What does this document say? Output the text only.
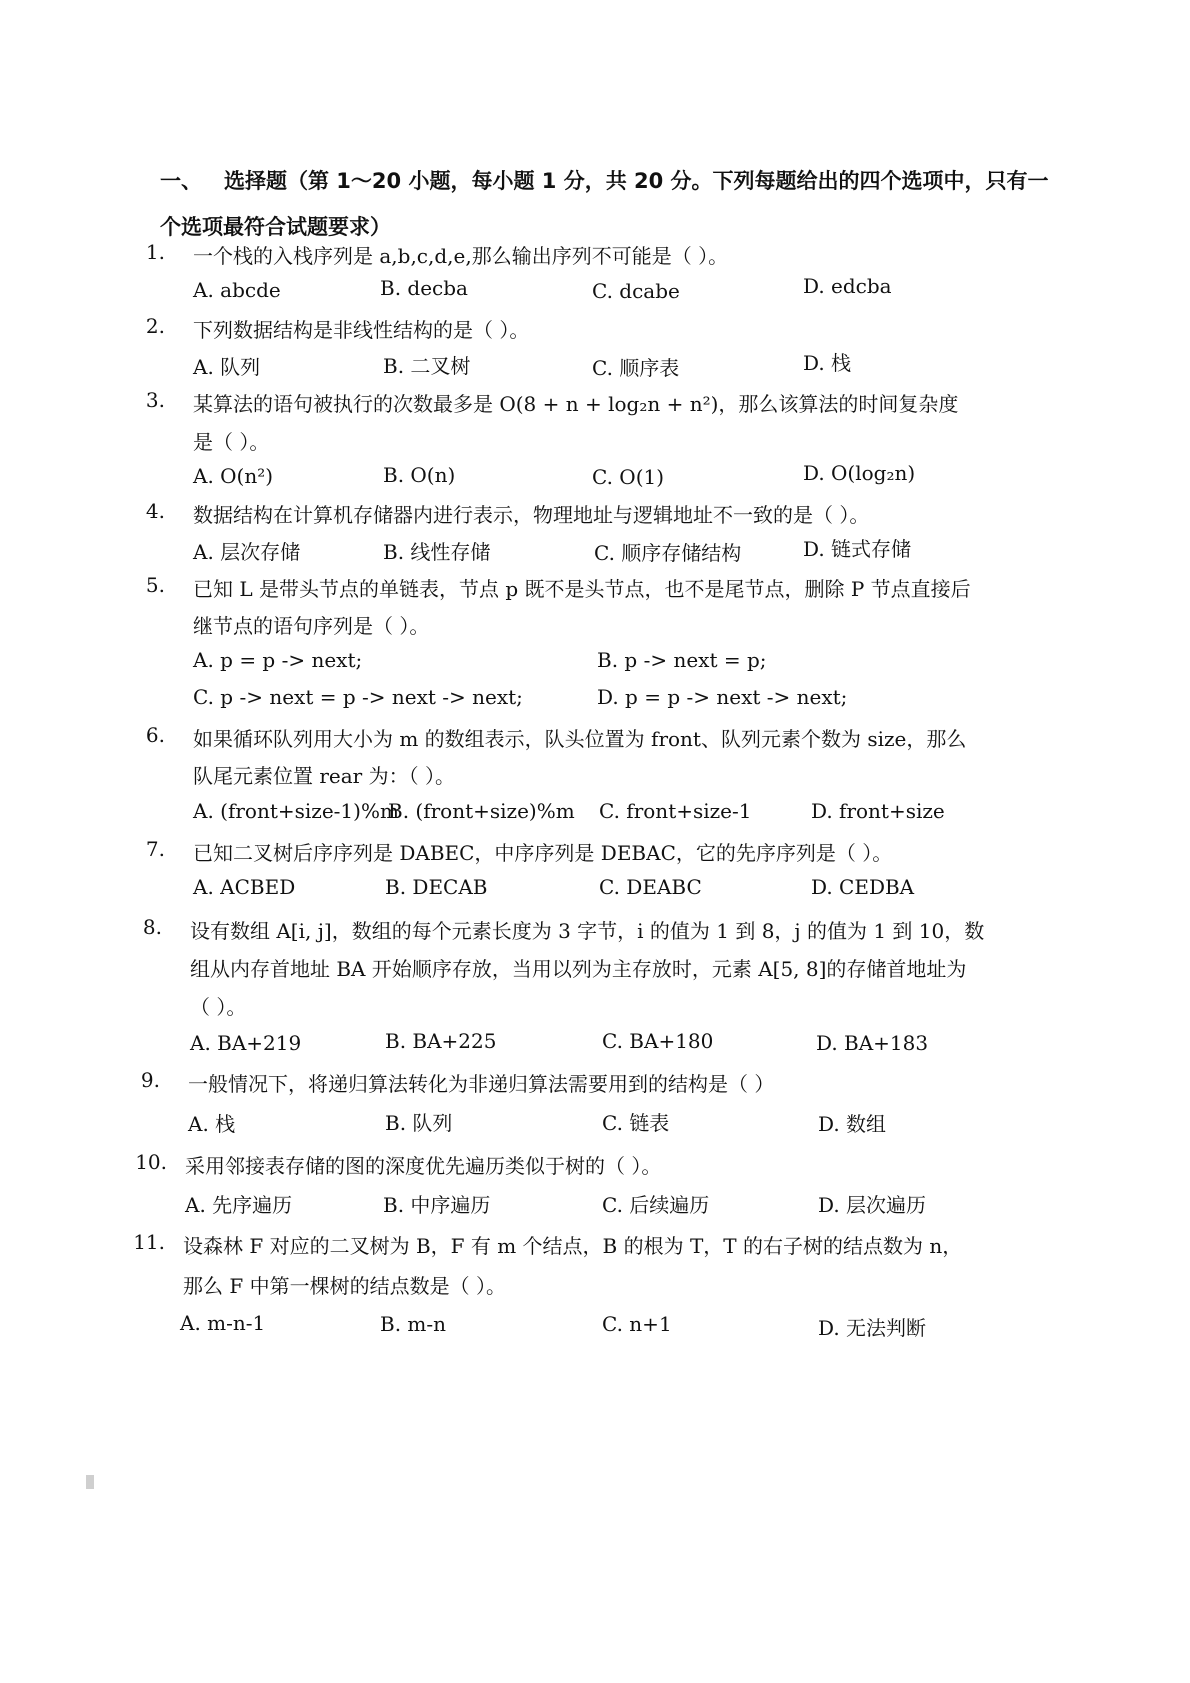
一、 选择题（第 1～20 小题，每小题 1 分，共 20 分。下列每题给出的四个选项中，只有一
个选项最符合试题要求）
1. 一个栈的入栈序列是 a,b,c,d,e,那么输出序列不可能是（ ）。
A. abcde	B. decba	C. dcabe	D. edcba
2. 下列数据结构是非线性结构的是（ ）。
A. 队列	B. 二叉树	C. 顺序表	D. 栈
3. 某算法的语句被执行的次数最多是 O(8 + n + log₂n + n²)，那么该算法的时间复杂度
是（ ）。
A. O(n²)	B. O(n)	C. O(1)	D. O(log₂n)
4. 数据结构在计算机存储器内进行表示，物理地址与逻辑地址不一致的是（ ）。
A. 层次存储	B. 线性存储	C. 顺序存储结构	D. 链式存储
5. 已知 L 是带头节点的单链表，节点 p 既不是头节点，也不是尾节点，删除 P 节点直接后
继节点的语句序列是（ ）。
A. p = p -> next;	B. p -> next = p;
C. p -> next = p -> next -> next;	D. p = p -> next -> next;
6. 如果循环队列用大小为 m 的数组表示，队头位置为 front、队列元素个数为 size，那么
队尾元素位置 rear 为：（ ）。
A. (front+size-1)%m
B. (front+size)%m C. front+size-1	D. front+size
7. 已知二叉树后序序列是 DABEC，中序序列是 DEBAC，它的先序序列是（ ）。
A. ACBED	B. DECAB	C. DEABC	D. CEDBA
8. 设有数组 A[i, j]，数组的每个元素长度为 3 字节，i 的值为 1 到 8，j 的值为 1 到 10，数
组从内存首地址 BA 开始顺序存放，当用以列为主存放时，元素 A[5, 8]的存储首地址为
（ ）。
A. BA+219	B. BA+225	C. BA+180	D. BA+183
9. 一般情况下，将递归算法转化为非递归算法需要用到的结构是（ ）
A. 栈	B. 队列	C. 链表	D. 数组
10. 采用邻接表存储的图的深度优先遍历类似于树的（ ）。
A. 先序遍历	B. 中序遍历	C. 后续遍历	D. 层次遍历
11. 设森林 F 对应的二叉树为 B，F 有 m 个结点，B 的根为 T，T 的右子树的结点数为 n，
那么 F 中第一棵树的结点数是（ ）。
A. m-n-1	B. m-n	C. n+1	D. 无法判断
